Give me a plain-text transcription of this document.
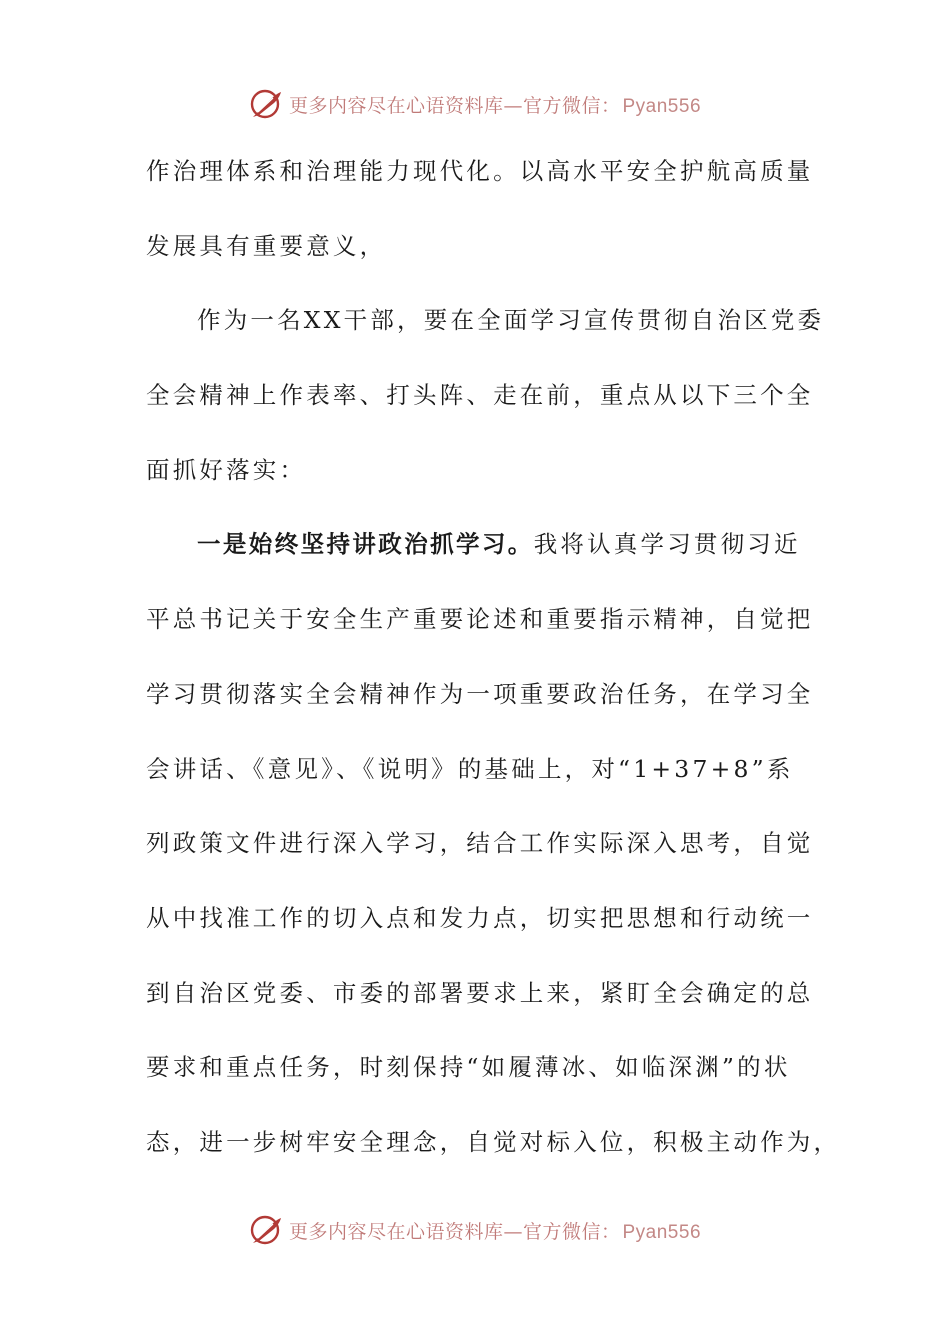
更多内容尽在心语资料库—官方微信： Pyan556
作治理体系和治理能力现代化。以高水平安全护航高质量
发展具有重要意义，
作为一名XX干部，要在全面学习宣传贯彻自治区党委
全会精神上作表率、打头阵、走在前，重点从以下三个全
面抓好落实：
一是始终坚持讲政治抓学习。我将认真学习贯彻习近
平总书记关于安全生产重要论述和重要指示精神，自觉把
学习贯彻落实全会精神作为一项重要政治任务，在学习全
会讲话、《意见》、《说明》的基础上，对“1+37+8”系
列政策文件进行深入学习，结合工作实际深入思考，自觉
从中找准工作的切入点和发力点，切实把思想和行动统一
到自治区党委、市委的部署要求上来，紧盯全会确定的总
要求和重点任务，时刻保持“如履薄冰、如临深渊”的状
态，进一步树牢安全理念，自觉对标入位，积极主动作为，
更多内容尽在心语资料库—官方微信： Pyan556
